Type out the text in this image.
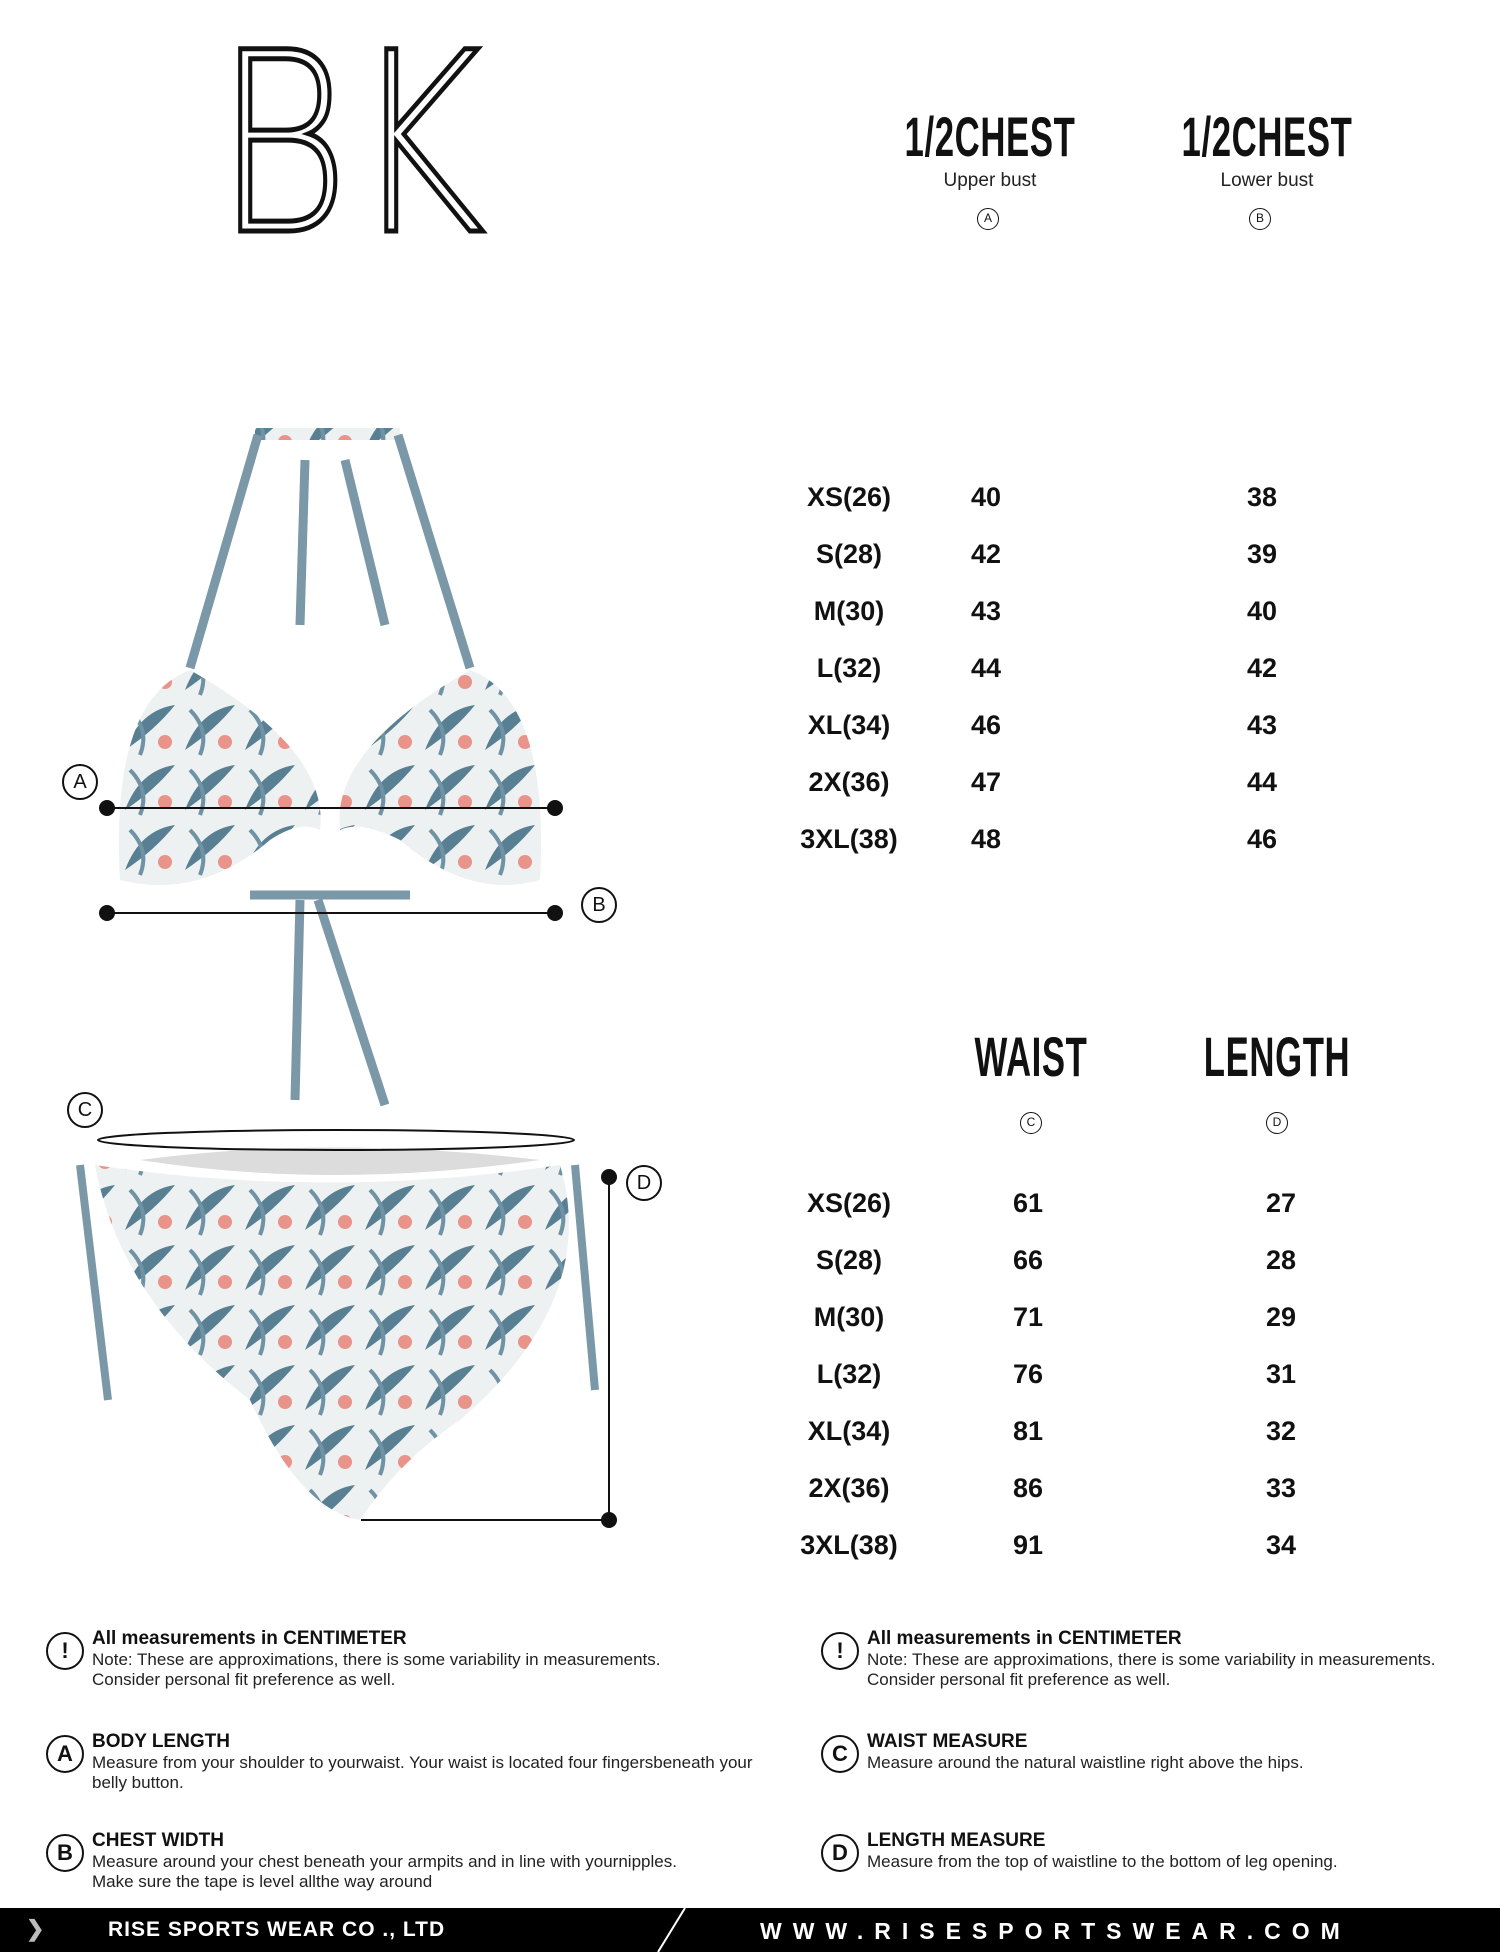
BK	1/2CHEST
Upper bust
A
1/2CHEST
Lower bust
B
XS(26)	40	38
S(28)	42	39
M(30)	43	40
L(32)	44	42
XL(34)	46	43
2X(36)	47	44
3XL(38)	48	46
WAIST
C
LENGTH
D
XS(26)	61	27
S(28)	66	28
M(30)	71	29
L(32)	76	31
XL(34)	81	32
2X(36)	86	33
3XL(38)	91	34
A
B
C
D
!	All measurements in CENTIMETER
Note: These are approximations, there is some variability in measurements.
Consider personal fit preference as well.
A	BODY LENGTH
Measure from your shoulder to yourwaist. Your waist is located four fingersbeneath your
belly button.
B	CHEST WIDTH
Measure around your chest beneath your armpits and in line with yournipples.
Make sure the tape is level allthe way around
!	All measurements in CENTIMETER
Note: These are approximations, there is some variability in measurements.
Consider personal fit preference as well.
C	WAIST MEASURE
Measure around the natural waistline right above the hips.
D	LENGTH MEASURE
Measure from the top of waistline to the bottom of leg opening.
❯	RISE SPORTS WEAR CO ., LTD	WWW.RISESPORTSWEAR.COM
